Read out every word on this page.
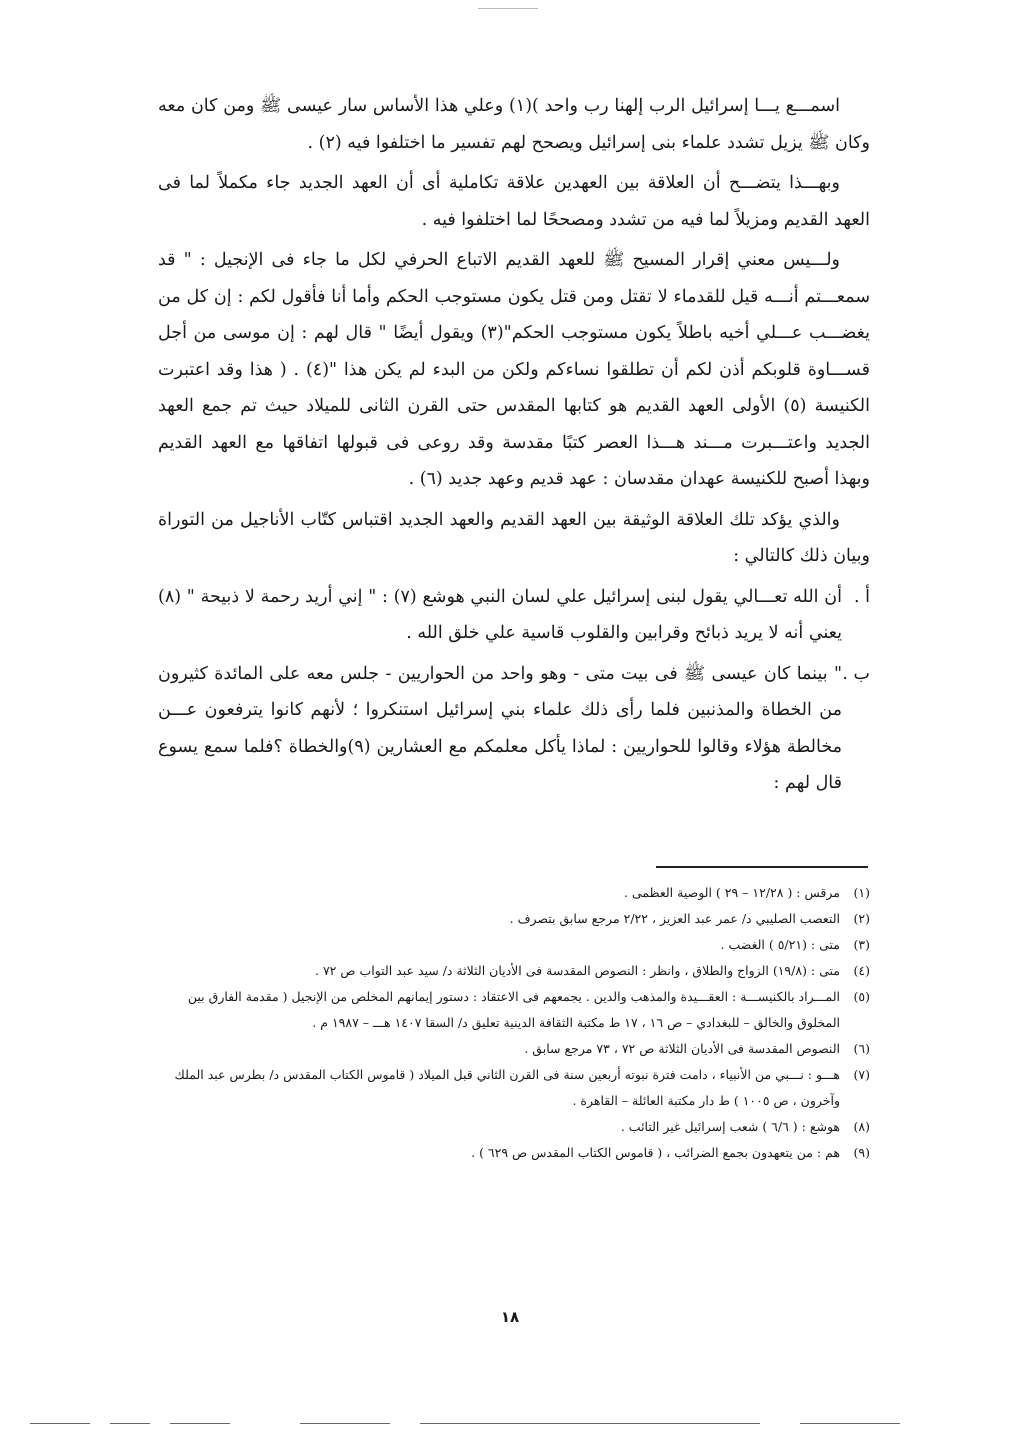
اسمـــع يـــا إسرائيل الرب إلهنا رب واحد )(١) وعلي هذا الأساس سار عيسى ﷺ ومن كان معه وكان ﷺ يزيل تشدد علماء بنى إسرائيل ويصحح لهم تفسير ما اختلفوا فيه (٢) .

وبهـــذا يتضـــح أن العلاقة بين العهدين علاقة تكاملية أى أن العهد الجديد جاء مكملاً لما فى العهد القديم ومزيلاً لما فيه من تشدد ومصححًا لما اختلفوا فيه .

ولـــيس معني إقرار المسيح ﷺ للعهد القديم الاتباع الحرفي لكل ما جاء فى الإنجيل : " قد سمعـــتم أنـــه قيل للقدماء لا تقتل ومن قتل يكون مستوجب الحكم وأما أنا فأقول لكم : إن كل من يغضـــب عـــلي أخيه باطلاً يكون مستوجب الحكم"(٣) ويقول أيضًا " قال لهم : إن موسى من أجل قســـاوة قلوبكم أذن لكم أن تطلقوا نساءكم ولكن من البدء لم يكن هذا "(٤) . ( هذا وقد اعتبرت الكنيسة (٥) الأولى العهد القديم هو كتابها المقدس حتى القرن الثانى للميلاد حيث تم جمع العهد الجديد واعتـــبرت مـــند هـــذا العصر كتبًا مقدسة وقد روعى فى قبولها اتفاقها مع العهد القديم وبهذا أصبح للكنيسة عهدان مقدسان : عهد قديم وعهد جديد (٦) .

والذي يؤكد تلك العلاقة الوثيقة بين العهد القديم والعهد الجديد اقتباس كتّاب الأناجيل من التوراة وبيان ذلك كالتالي :

أ .
أن الله تعـــالي يقول لبنى إسرائيل علي لسان النبي هوشع (٧) : " إني أريد رحمة لا ذبيحة " (٨) يعني أنه لا يريد ذبائح وقرابين والقلوب قاسية علي خلق الله .

ب .
" بينما كان عيسى ﷺ فى بيت متى - وهو واحد من الحواريين - جلس معه على المائدة كثيرون من الخطاة والمذنبين فلما رأى ذلك علماء بني إسرائيل استنكروا ؛ لأنهم كانوا يترفعون عـــن مخالطة هؤلاء وقالوا للحواريين : لماذا يأكل معلمكم مع العشارين (٩)والخطاة ؟فلما سمع يسوع قال لهم :

(١)
مرقس : ( ١٢/٢٨ – ٢٩ ) الوصية العظمى .

(٢)
التعصب الصليبي د/ عمر عبد العزيز ، ٢/٢٢ مرجع سابق بتصرف .

(٣)
متى : (٥/٢١ ) الغضب .

(٤)
متى : (١٩/٨) الزواج والطلاق ، وانظر : النصوص المقدسة فى الأديان الثلاثة د/ سيد عبد التواب ص ٧٢ .

(٥)
المـــراد بالكنيســـة : العقـــيدة والمذهب والدين . يجمعهم فى الاعتقاد : دستور إيمانهم المخلص من الإنجيل ( مقدمة الفارق بين المخلوق والخالق – للبغدادي – ص ١٦ ، ١٧ ط مكتبة الثقافة الدينية تعليق د/ السقا ١٤٠٧ هـــ – ١٩٨٧ م .

(٦)
النصوص المقدسة فى الأديان الثلاثة ص ٧٢ ، ٧٣ مرجع سابق .

(٧)
هـــو : نـــبي من الأنبياء ، دامت فترة نبوته أربعين سنة فى القرن الثاني قبل الميلاد ( قاموس الكتاب المقدس د/ بطرس عبد الملك وآخرون ، ص ١٠٠٥ ) ط دار مكتبة العائلة – القاهرة .

(٨)
هوشع : ( ٦/٦ ) شعب إسرائيل غير التائب .

(٩)
هم : من يتعهدون بجمع الضرائب ، ( قاموس الكتاب المقدس ص ٦٢٩ ) .

١٨
